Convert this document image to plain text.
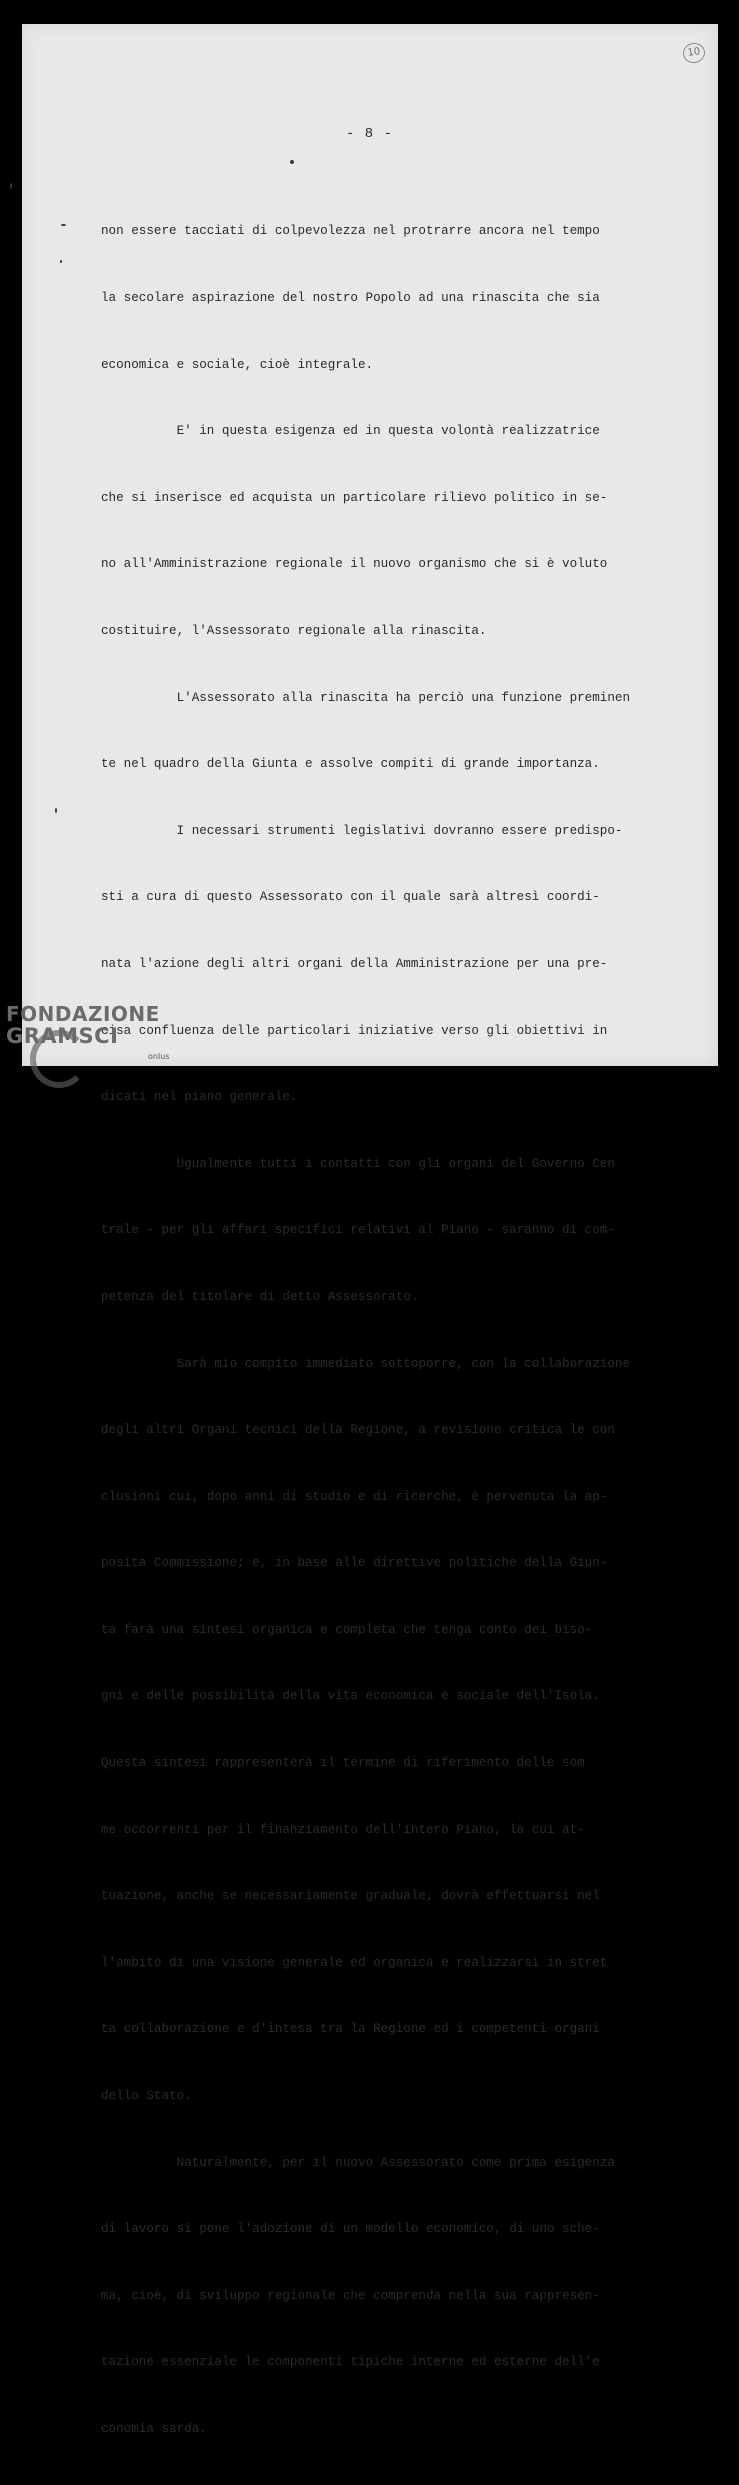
10
- 8 -

non essere tacciati di colpevolezza nel protrarre ancora nel tempo

la secolare aspirazione del nostro Popolo ad una rinascita che sia

economica e sociale, cioè integrale.

E' in questa esigenza ed in questa volontà realizzatrice

che si inserisce ed acquista un particolare rilievo politico in se-

no all'Amministrazione regionale il nuovo organismo che si è voluto

costituire, l'Assessorato regionale alla rinascita.

L'Assessorato alla rinascita ha perciò una funzione preminen

te nel quadro della Giunta e assolve compiti di grande importanza.

I necessari strumenti legislativi dovranno essere predispo-

sti a cura di questo Assessorato con il quale sarà altresì coordi-

nata l'azione degli altri organi della Amministrazione per una pre-

cisa confluenza delle particolari iniziative verso gli obiettivi in

dicati nel piano generale.

Ugualmente tutti i contatti con gli organi del Governo Cen

trale - per gli affari specifici relativi al Piano - saranno di com-

petenza del titolare di detto Assessorato.

Sarà mio compito immediato sottoporre, con la collaborazione

degli altri Organi tecnici della Regione, a revisione critica le con

clusioni cui, dopo anni di studio e di ricerche, è pervenuta la ap-

posita Commissione; e, in base alle direttive politiche della Giun-

ta farà una sintesi organica e completa che tenga conto dei biso-

gni e delle possibilità della vita economica e sociale dell'Isola.

Questa sintesi rappresenterà il termine di riferimento delle som

me occorrenti per il finanziamento dell'intero Piano, la cui at-

tuazione, anche se necessariamente graduale, dovrà effettuarsi nel

l'ambito di una visione generale ed organica e realizzarsi in stret

ta collaborazione e d'intesa tra la Regione ed i competenti organi

dello Stato.

Naturalmente, per il nuovo Assessorato come prima esigenza

di lavoro si pone l'adozione di un modello economico, di uno sche-

ma, cioè, di sviluppo regionale che comprenda nella sua rappresen-

tazione essenziale le componenti tipiche interne ed esterne dell'e

conomia sarda.

FONDAZIONE
GRAMSCI
onlus
